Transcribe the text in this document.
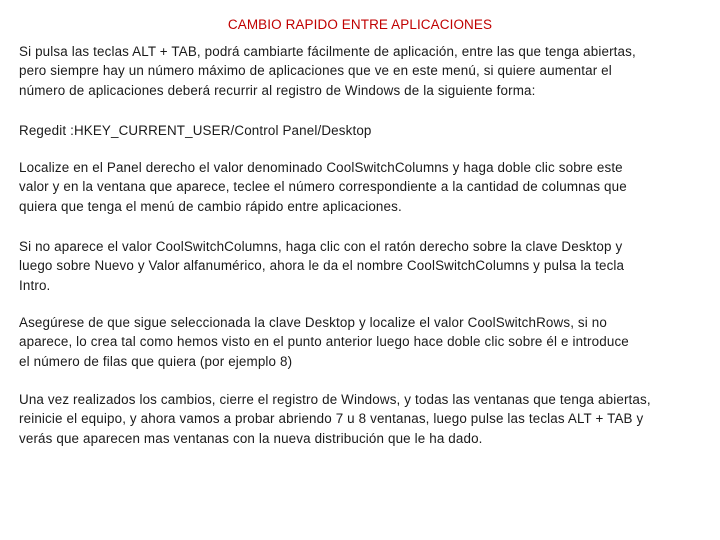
CAMBIO RAPIDO ENTRE APLICACIONES

Si pulsa las teclas ALT + TAB, podrá cambiarte fácilmente de aplicación, entre las que tenga abiertas,
pero siempre hay un número máximo de aplicaciones que ve en este menú, si quiere aumentar el
número de aplicaciones deberá recurrir al registro de Windows de la siguiente forma:

Regedit :HKEY_CURRENT_USER/Control Panel/Desktop

Localize en el Panel derecho el valor denominado CoolSwitchColumns y haga doble clic sobre este
valor y en la ventana que aparece, teclee el número correspondiente a la cantidad de columnas que
quiera que tenga el menú de cambio rápido entre aplicaciones.

Si no aparece el valor CoolSwitchColumns, haga clic con el ratón derecho sobre la clave Desktop y
luego sobre Nuevo y Valor alfanumérico, ahora le da el nombre CoolSwitchColumns y pulsa la tecla
Intro.

Asegúrese de que sigue seleccionada la clave Desktop y localize el valor CoolSwitchRows, si no
aparece, lo crea tal como hemos visto en el punto anterior luego hace doble clic sobre él e introduce
el número de filas que quiera (por ejemplo 8)

Una vez realizados los cambios, cierre el registro de Windows, y todas las ventanas que tenga abiertas,
reinicie el equipo, y ahora vamos a probar abriendo 7 u 8 ventanas, luego pulse las teclas ALT + TAB y
verás que aparecen mas ventanas con la nueva distribución que le ha dado.
